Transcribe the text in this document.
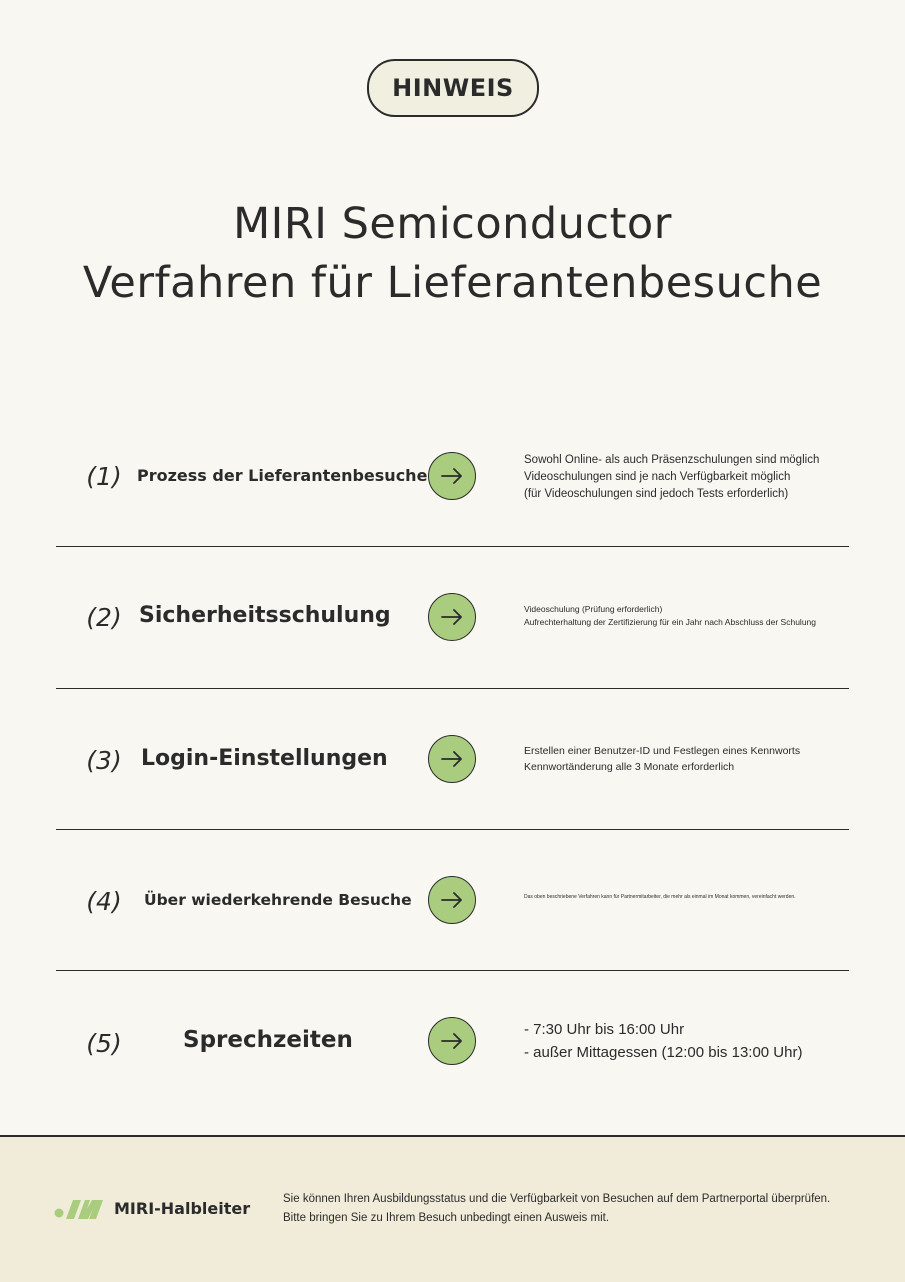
HINWEIS
MIRI Semiconductor
Verfahren für Lieferantenbesuche
(1) Prozess der Lieferantenbesuche
Sowohl Online- als auch Präsenzschulungen sind möglich
Videoschulungen sind je nach Verfügbarkeit möglich
(für Videoschulungen sind jedoch Tests erforderlich)
(2) Sicherheitsschulung	Videoschulung (Prüfung erforderlich)
Aufrechterhaltung der Zertifizierung für ein Jahr nach Abschluss der Schulung
(3) Login-Einstellungen	Erstellen einer Benutzer-ID und Festlegen eines Kennworts
Kennwortänderung alle 3 Monate erforderlich
(4) Über wiederkehrende Besuche	Das oben beschriebene Verfahren kann für Partnermitarbeiter, die mehr als einmal im Monat kommen, vereinfacht werden.
(5)	Sprechzeiten	- 7:30 Uhr bis 16:00 Uhr
- außer Mittagessen (12:00 bis 13:00 Uhr)
MIRI-Halbleiter	Sie können Ihren Ausbildungsstatus und die Verfügbarkeit von Besuchen auf dem Partnerportal überprüfen.
Bitte bringen Sie zu Ihrem Besuch unbedingt einen Ausweis mit.
